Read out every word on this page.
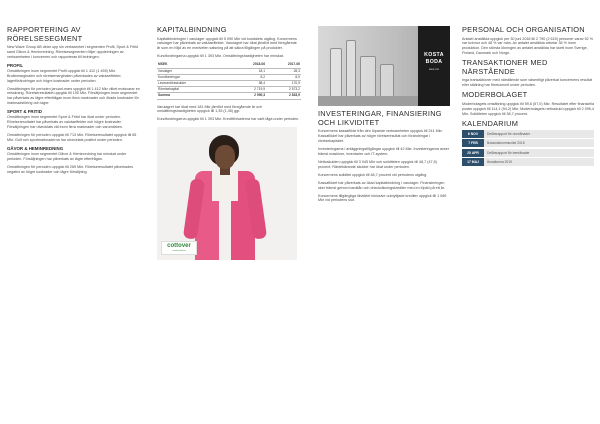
RAPPORTERING AV RÖRELSESEGMENT

New Wave Group AB delar upp sin verksamhet i segmenten Profil, Sport & Fritid samt Gåvor & Heminredning. Rörelsesegmenten följer uppdelningen av verksamheten i koncernen och rapporteras till ledningen.

PROFIL

Omsättningen inom segmentet Profil uppgick till 1 412 (1 455) Mkr. Bruttomarginalen och rörelsemarginalen påverkades av valutaeffekter, lagerförändringar och högre kostnader under perioden.

Omsättningen för perioden januari-mars uppgick till 1 412 Mkr vilket motsvarar en minskning. Rörelseresultatet uppgick till 150 Mkr. Försäljningen inom segmentet har påverkats av lägre efterfrågan inom flera marknader och ökade kostnader för marknadsföring och lager.

SPORT & FRITID

Omsättningen inom segmentet Sport & Fritid har ökat under perioden. Rörelseresultatet har påverkats av valutaeffekter och högre kostnader. Försäljningen har utvecklats väl inom flera marknader och varumärken.

Omsättningen för perioden uppgick till 713 Mkr. Rörelseresultatet uppgick till 65 Mkr. Golf och sportmarknaderna har utvecklats positivt under perioden.

GÅVOR & HEMINREDNING

Omsättningen inom segmentet Gåvor & Heminredning har minskat under perioden. Försäljningen har påverkats av lägre efterfrågan.

Omsättningen för perioden uppgick till 269 Mkr. Rörelseresultatet påverkades negativt av högre kostnader och lägre försäljning.

KAPITALBINDNING

Kapitalbindningen i varulager uppgick till 5 090 Mkr vid kvartalets utgång. Koncernens varulager har påverkats av valutaeffekter. Varulagret har ökat jämfört med föregående år som en följd av en medveten satsning på att säkra tillgången på produkter.

Kundfordringarna uppgick till 1 393 Mkr. Omsättningshastigheten har minskat.

MSEK	2018-06	2017-06
Varulager	18,1	28,3
Kundfordringar	8,2	8,9
Leverantörsskulder	58,4	170,9
Rörelsekapital	2 719,9	2 573,2
Summa	2 990,3	2 833,9

Varulagret har ökat med 181 Mkr jämfört med föregående år och omsättningshastigheten uppgick till 1,35 (1,45) ggr.

Kundfordringarna uppgick till 1 393 Mkr. Kreditförlusterna har varit låga under perioden.

cottover
smart fashion
KOSTA
BODA
SINCE 1742
INVESTERINGAR, FINANSIERING OCH LIKVIDITET

Koncernens kassaflöde från den löpande verksamheten uppgick till 241 Mkr. Kassaflödet har påverkats av högre rörelseresultat och förändringar i rörelsekapitalet.

Investeringarna i anläggningstillgångar uppgick till 42 Mkr. Investeringarna avser främst maskiner, inventarier och IT-system.

Nettoskulden uppgick till 3 045 Mkr och soliditeten uppgick till 48,7 (47,5) procent. Räntebärande skulder har ökat under perioden.

Koncernens soliditet uppgick till 48,7 procent vid periodens utgång.

Kassaflödet har påverkats av ökad kapitalbindning i varulager. Finansieringen sker främst genom banklån och checkräkningskrediter med en löptid på ett år.

Koncernens tillgängliga likviditet inklusive outnyttjade krediter uppgick till 1 089 Mkr vid periodens slut.

PERSONAL OCH ORGANISATION

Antalet anställda uppgick per 30 juni 2018 till 2 790 (2 615) personer varav 52 % var kvinnor och 48 % var män. Av antalet anställda arbetar 35 % inom produktion. Den största ökningen av antalet anställda har skett inom Sverige, Finland, Danmark och Norge.

TRANSAKTIONER MED NÄRSTÅENDE

Inga transaktioner med närstående som väsentligt påverkat koncernens resultat eller ställning har förekommit under perioden.

MODERBOLAGET

Moderbolagets omsättning uppgick till 59,6 (57,0) Mkr. Resultatet efter finansiella poster uppgick till 114,1 (94,2) Mkr. Moderbolagets nettoskuld uppgick till 2 095,4 Mkr. Soliditeten uppgick till 38,7 procent.

KALENDARIUM
6 NOV	Delårsrapport för niomånader
7 FEB	Bokslutskommuniké 2018
25 APR	Delårsrapport för tremånader
17 MAJ	Årsstämma 2019
